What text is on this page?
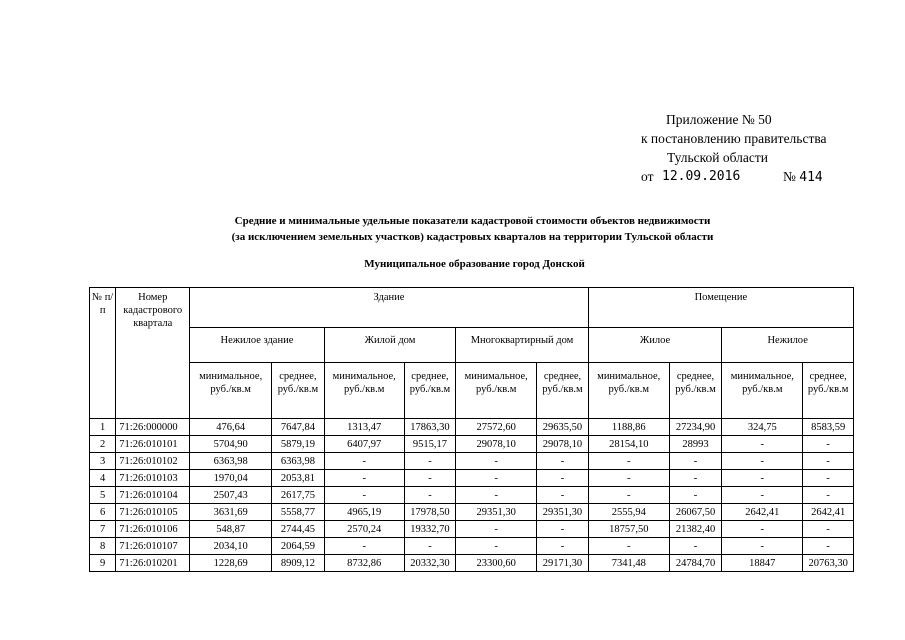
Приложение № 50
к постановлению правительства
Тульской области
от 12.09.2016	№ 414
Средние и минимальные удельные показатели кадастровой стоимости объектов недвижимости
(за исключением земельных участков) кадастровых кварталов на территории Тульской области
Муниципальное образование город Донской
№ п/п	Номер кадастрового квартала	Здание						Помещение			
		Нежилое здание		Жилой дом		Многоквартирный дом		Жилое		Нежилое	
		минимальное, руб./кв.м	среднее, руб./кв.м	минимальное, руб./кв.м	среднее, руб./кв.м	минимальное, руб./кв.м	среднее, руб./кв.м	минимальное, руб./кв.м	среднее, руб./кв.м	минимальное, руб./кв.м	среднее, руб./кв.м
1	71:26:000000	476,64	7647,84	1313,47	17863,30	27572,60	29635,50	1188,86	27234,90	324,75	8583,59
2	71:26:010101	5704,90	5879,19	6407,97	9515,17	29078,10	29078,10	28154,10	28993	-	-
3	71:26:010102	6363,98	6363,98	-	-	-	-	-	-	-	-
4	71:26:010103	1970,04	2053,81	-	-	-	-	-	-	-	-
5	71:26:010104	2507,43	2617,75	-	-	-	-	-	-	-	-
6	71:26:010105	3631,69	5558,77	4965,19	17978,50	29351,30	29351,30	2555,94	26067,50	2642,41	2642,41
7	71:26:010106	548,87	2744,45	2570,24	19332,70	-	-	18757,50	21382,40	-	-
8	71:26:010107	2034,10	2064,59	-	-	-	-	-	-	-	-
9	71:26:010201	1228,69	8909,12	8732,86	20332,30	23300,60	29171,30	7341,48	24784,70	18847	20763,30
